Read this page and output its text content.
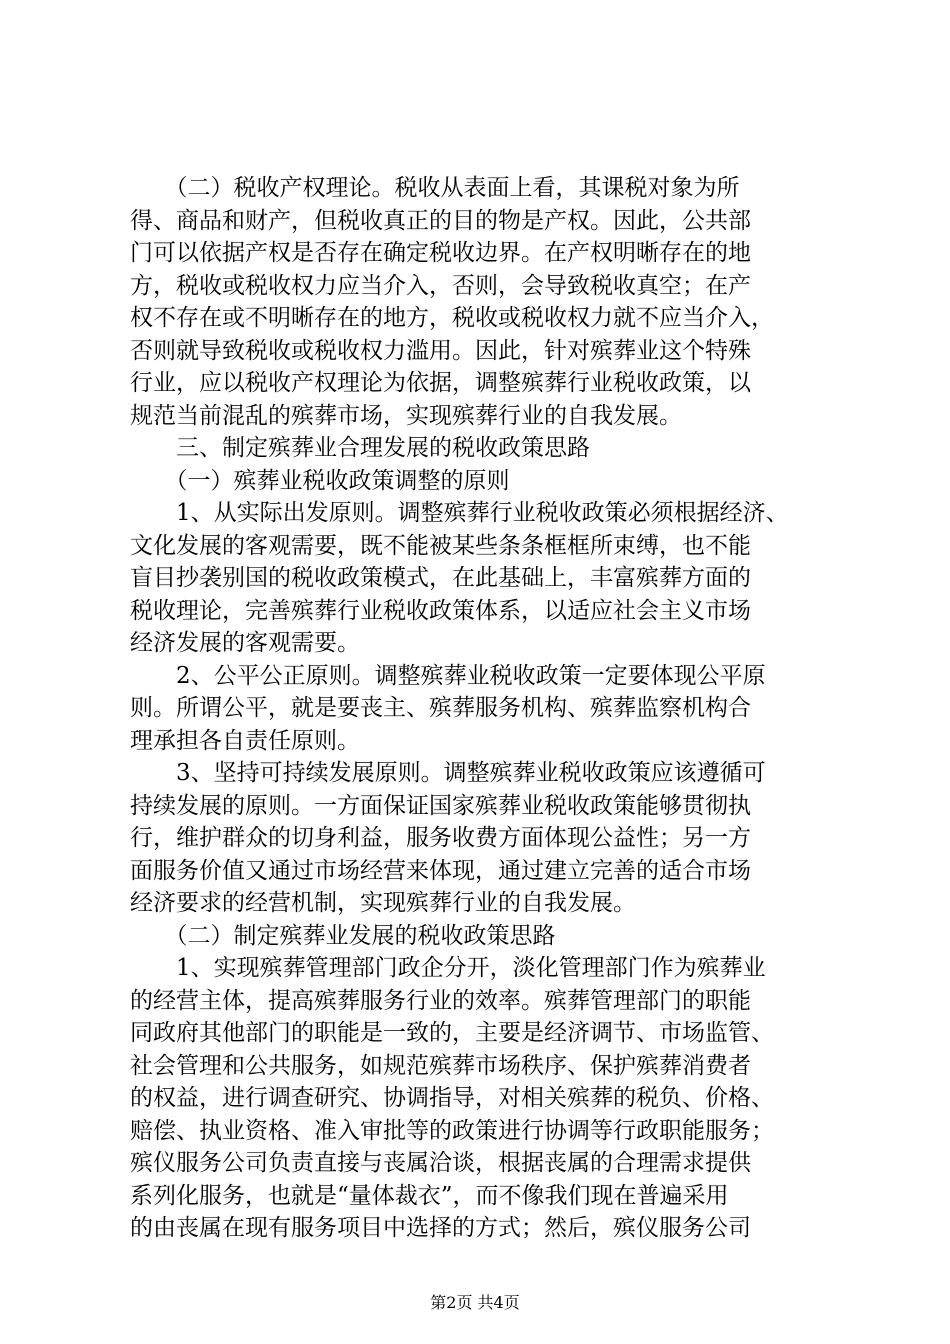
　　（二）税收产权理论。税收从表面上看，其课税对象为所
得、商品和财产，但税收真正的目的物是产权。因此，公共部
门可以依据产权是否存在确定税收边界。在产权明晰存在的地
方，税收或税收权力应当介入，否则，会导致税收真空；在产
权不存在或不明晰存在的地方，税收或税收权力就不应当介入，
否则就导致税收或税收权力滥用。因此，针对殡葬业这个特殊
行业，应以税收产权理论为依据，调整殡葬行业税收政策，以
规范当前混乱的殡葬市场，实现殡葬行业的自我发展。
　　三、制定殡葬业合理发展的税收政策思路
　　（一）殡葬业税收政策调整的原则
　　1、从实际出发原则。调整殡葬行业税收政策必须根据经济、
文化发展的客观需要，既不能被某些条条框框所束缚，也不能
盲目抄袭别国的税收政策模式，在此基础上，丰富殡葬方面的
税收理论，完善殡葬行业税收政策体系，以适应社会主义市场
经济发展的客观需要。
　　2、公平公正原则。调整殡葬业税收政策一定要体现公平原
则。所谓公平，就是要丧主、殡葬服务机构、殡葬监察机构合
理承担各自责任原则。
　　3、坚持可持续发展原则。调整殡葬业税收政策应该遵循可
持续发展的原则。一方面保证国家殡葬业税收政策能够贯彻执
行，维护群众的切身利益，服务收费方面体现公益性；另一方
面服务价值又通过市场经营来体现，通过建立完善的适合市场
经济要求的经营机制，实现殡葬行业的自我发展。
　　（二）制定殡葬业发展的税收政策思路
　　1、实现殡葬管理部门政企分开，淡化管理部门作为殡葬业
的经营主体，提高殡葬服务行业的效率。殡葬管理部门的职能
同政府其他部门的职能是一致的，主要是经济调节、市场监管、
社会管理和公共服务，如规范殡葬市场秩序、保护殡葬消费者
的权益，进行调查研究、协调指导，对相关殡葬的税负、价格、
赔偿、执业资格、准入审批等的政策进行协调等行政职能服务；
殡仪服务公司负责直接与丧属洽谈，根据丧属的合理需求提供
系列化服务，也就是“量体裁衣”，而不像我们现在普遍采用
的由丧属在现有服务项目中选择的方式；然后，殡仪服务公司
第2页 共4页
